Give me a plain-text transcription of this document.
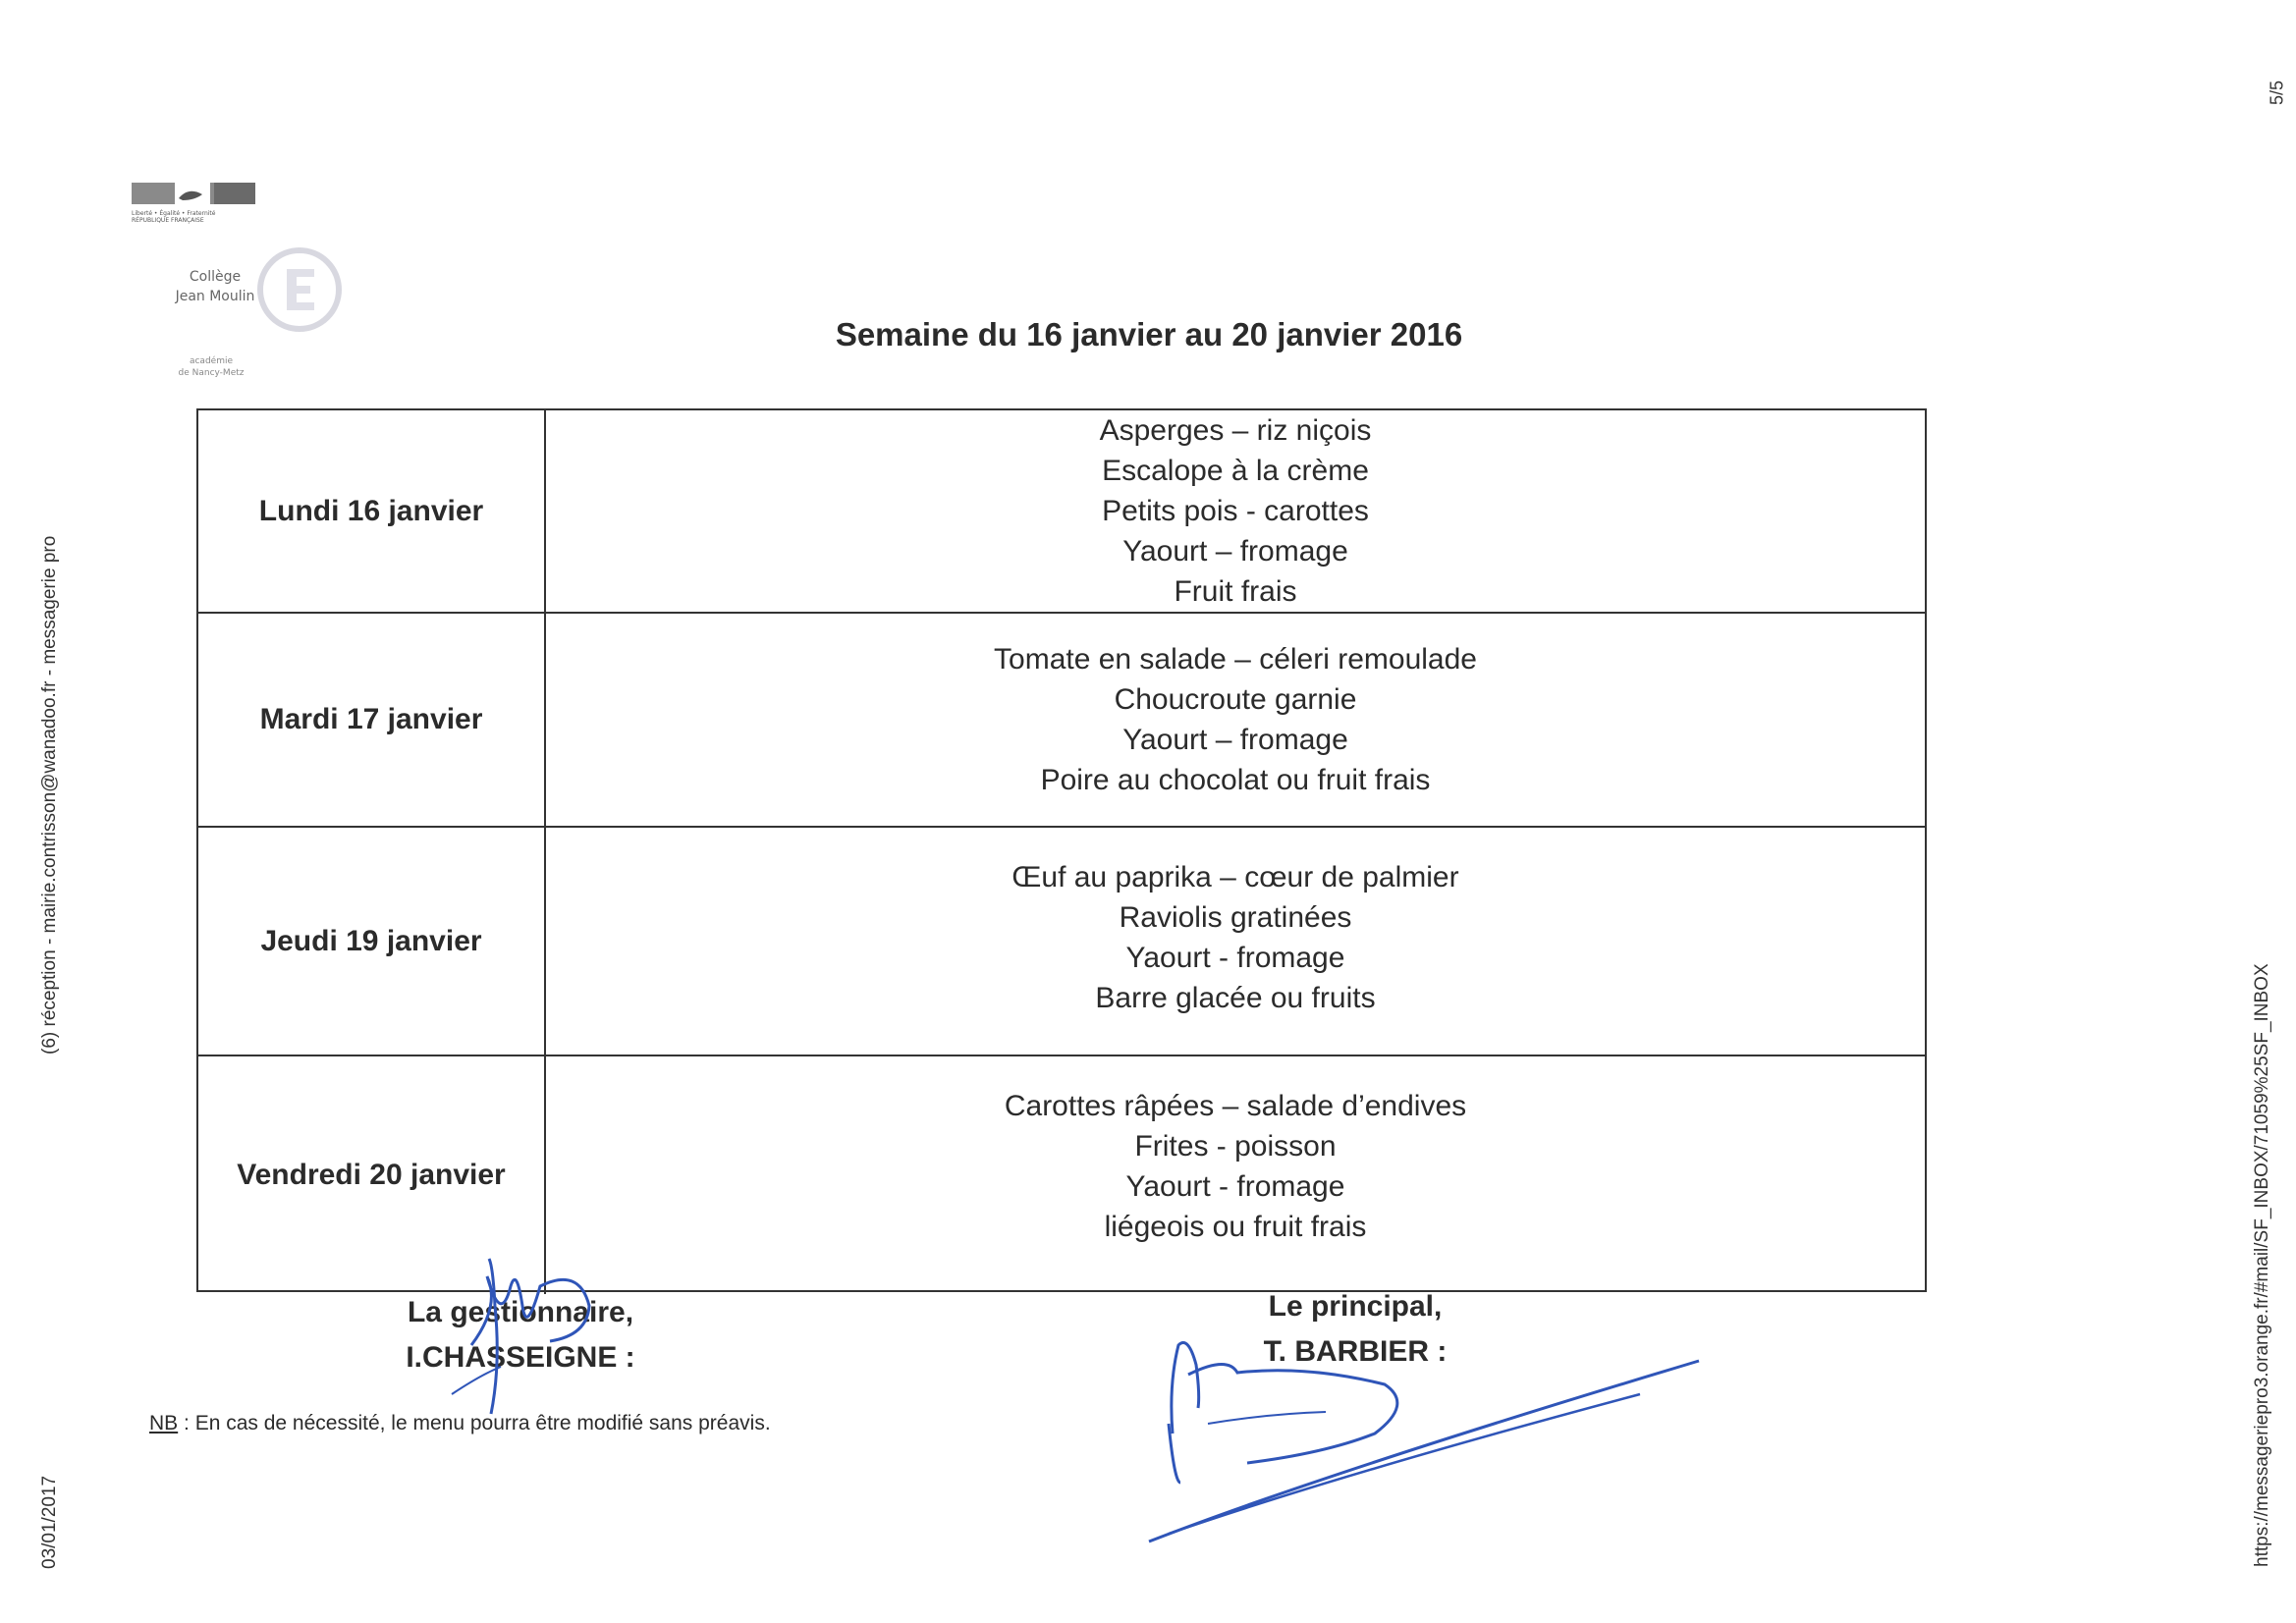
5/5
(6) réception - mairie.contrisson@wanadoo.fr - messagerie pro
03/01/2017	https://messageriepro3.orange.fr/#mail/SF_INBOX/71059%25SF_INBOX
Liberté • Égalité • Fraternité
RÉPUBLIQUE FRANÇAISE
Collège
Jean Moulin
académie
de Nancy-Metz
Semaine du 16 janvier au 20 janvier 2016
Lundi 16 janvier
Asperges – riz niçois
Escalope à la crème
Petits pois - carottes
Yaourt – fromage
Fruit frais
Mardi 17 janvier
Tomate en salade – céleri remoulade
Choucroute garnie
Yaourt – fromage
Poire au chocolat ou fruit frais
Jeudi 19 janvier
Œuf au paprika – cœur de palmier
Raviolis gratinées
Yaourt - fromage
Barre glacée ou fruits
Vendredi 20 janvier
Carottes râpées – salade d’endives
Frites - poisson
Yaourt - fromage
liégeois ou fruit frais
La gestionnaire,
I.CHASSEIGNE :
Le principal,
T. BARBIER :
NB : En cas de nécessité, le menu pourra être modifié sans préavis.
